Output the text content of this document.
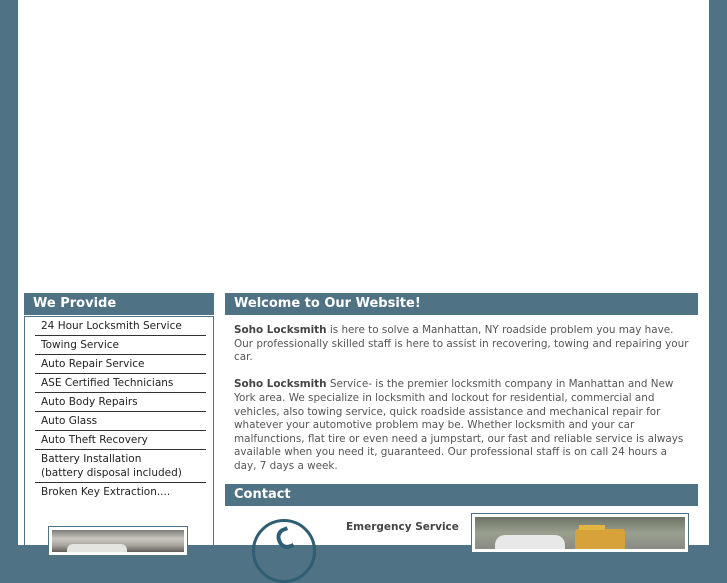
We Provide
24 Hour Locksmith Service
Towing Service
Auto Repair Service
ASE Certified Technicians
Auto Body Repairs
Auto Glass
Auto Theft Recovery
Battery Installation
(battery disposal included)
Broken Key Extraction....
Welcome to Our Website!

Soho Locksmith is here to solve a Manhattan, NY roadside problem you may have. Our professionally skilled staff is here to assist in recovering, towing and repairing your car.

Soho Locksmith Service- is the premier locksmith company in Manhattan and New York area. We specialize in locksmith and lockout for residential, commercial and vehicles, also towing service, quick roadside assistance and mechanical repair for whatever your automotive problem may be. Whether locksmith and your car malfunctions, flat tire or even need a jumpstart, our fast and reliable service is always available when you need it, guaranteed. Our professional staff is on call 24 hours a day, 7 days a week.

Contact
Emergency Service
